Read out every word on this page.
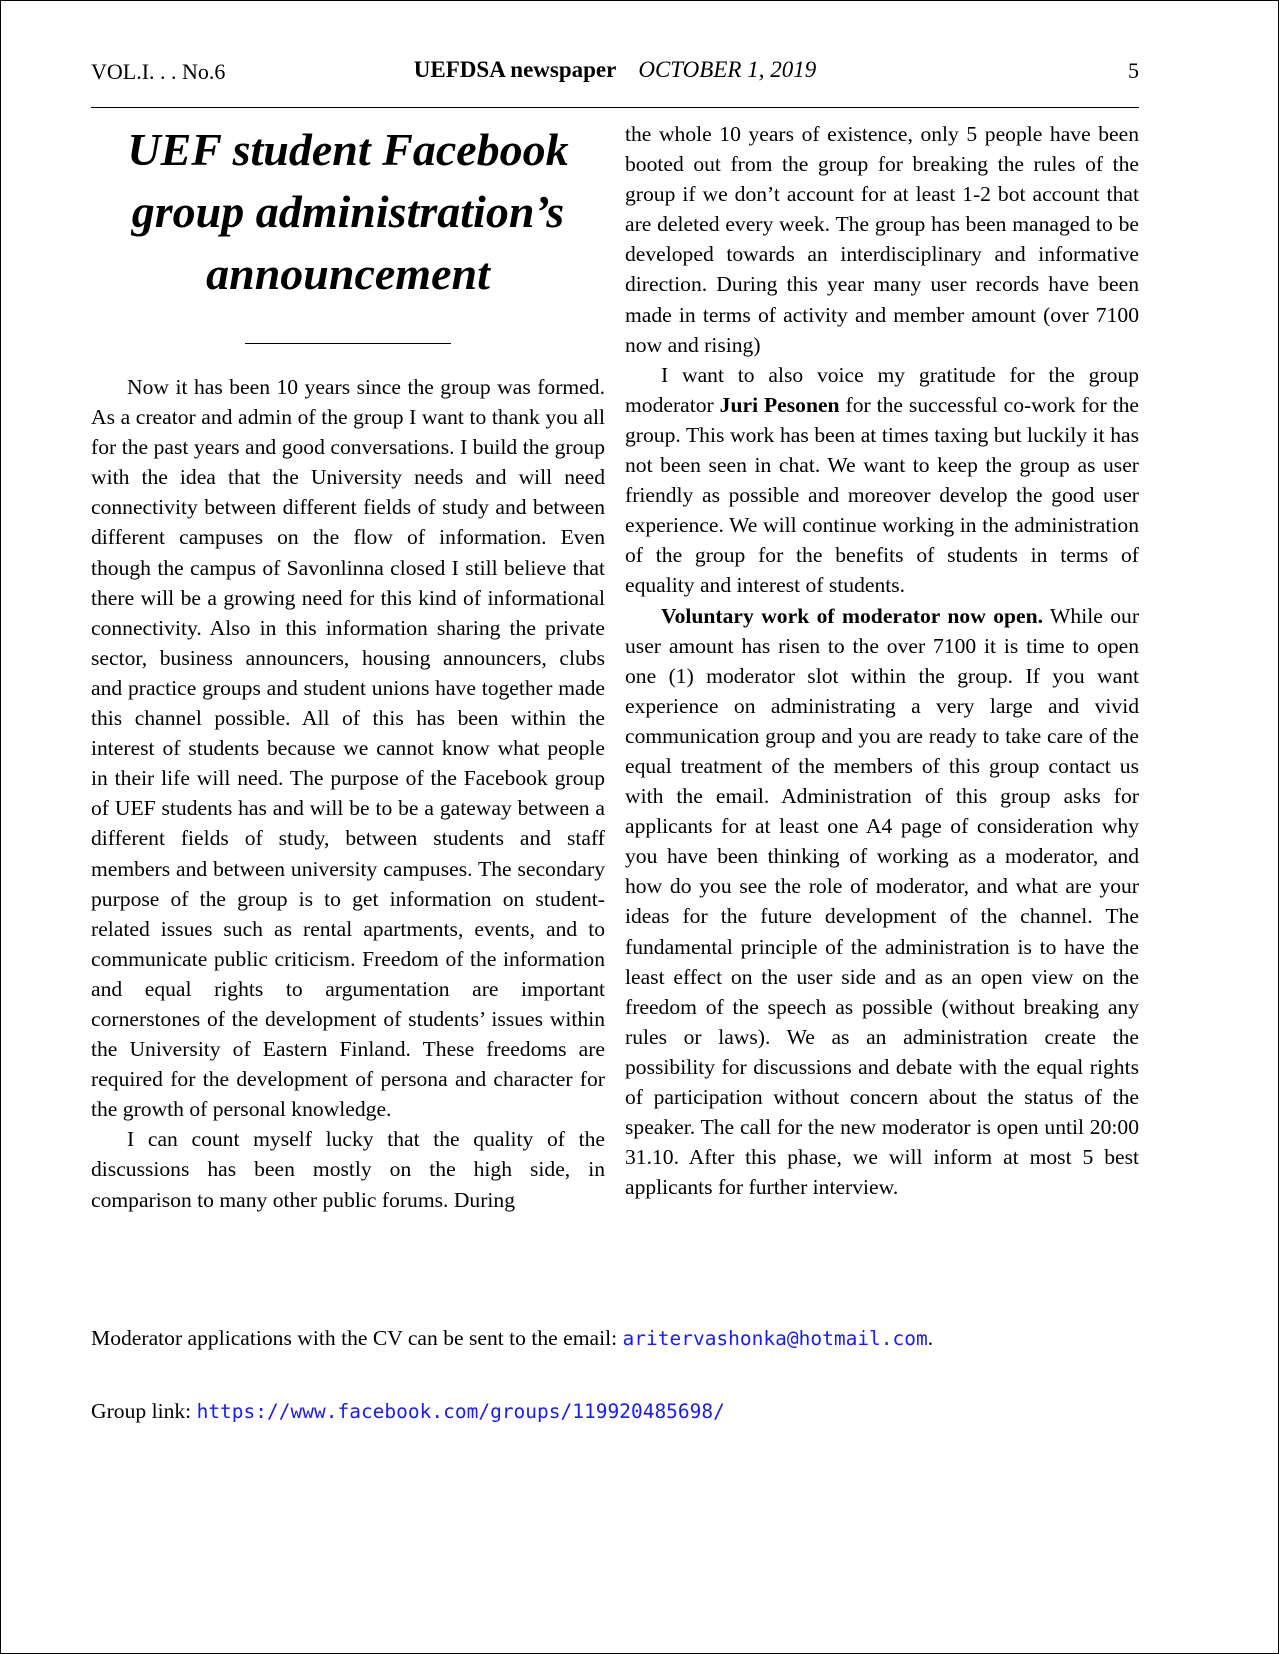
VOL.I. . . No.6	UEFDSA newspaper OCTOBER 1, 2019	5
UEF student Facebook group administration’s announcement

Now it has been 10 years since the group was formed. As a creator and admin of the group I want to thank you all for the past years and good conversations. I build the group with the idea that the University needs and will need connectivity between different fields of study and between different campuses on the flow of information. Even though the campus of Savonlinna closed I still believe that there will be a growing need for this kind of informational connectivity. Also in this information sharing the private sector, business announcers, housing announcers, clubs and practice groups and student unions have together made this channel possible. All of this has been within the interest of students because we cannot know what people in their life will need. The purpose of the Facebook group of UEF students has and will be to be a gateway between a different fields of study, between students and staff members and between university campuses. The secondary purpose of the group is to get information on student-related issues such as rental apartments, events, and to communicate public criticism. Freedom of the information and equal rights to argumentation are important cornerstones of the development of students’ issues within the University of Eastern Finland. These freedoms are required for the development of persona and character for the growth of personal knowledge.

I can count myself lucky that the quality of the discussions has been mostly on the high side, in comparison to many other public forums. During

the whole 10 years of existence, only 5 people have been booted out from the group for breaking the rules of the group if we don’t account for at least 1-2 bot account that are deleted every week. The group has been managed to be developed towards an interdisciplinary and informative direction. During this year many user records have been made in terms of activity and member amount (over 7100 now and rising)

I want to also voice my gratitude for the group moderator Juri Pesonen for the successful co-work for the group. This work has been at times taxing but luckily it has not been seen in chat. We want to keep the group as user friendly as possible and moreover develop the good user experience. We will continue working in the administration of the group for the benefits of students in terms of equality and interest of students.

Voluntary work of moderator now open. While our user amount has risen to the over 7100 it is time to open one (1) moderator slot within the group. If you want experience on administrating a very large and vivid communication group and you are ready to take care of the equal treatment of the members of this group contact us with the email. Administration of this group asks for applicants for at least one A4 page of consideration why you have been thinking of working as a moderator, and how do you see the role of moderator, and what are your ideas for the future development of the channel. The fundamental principle of the administration is to have the least effect on the user side and as an open view on the freedom of the speech as possible (without breaking any rules or laws). We as an administration create the possibility for discussions and debate with the equal rights of participation without concern about the status of the speaker. The call for the new moderator is open until 20:00 31.10. After this phase, we will inform at most 5 best applicants for further interview.

Moderator applications with the CV can be sent to the email: aritervashonka@hotmail.com.
Group link: https://www.facebook.com/groups/119920485698/
